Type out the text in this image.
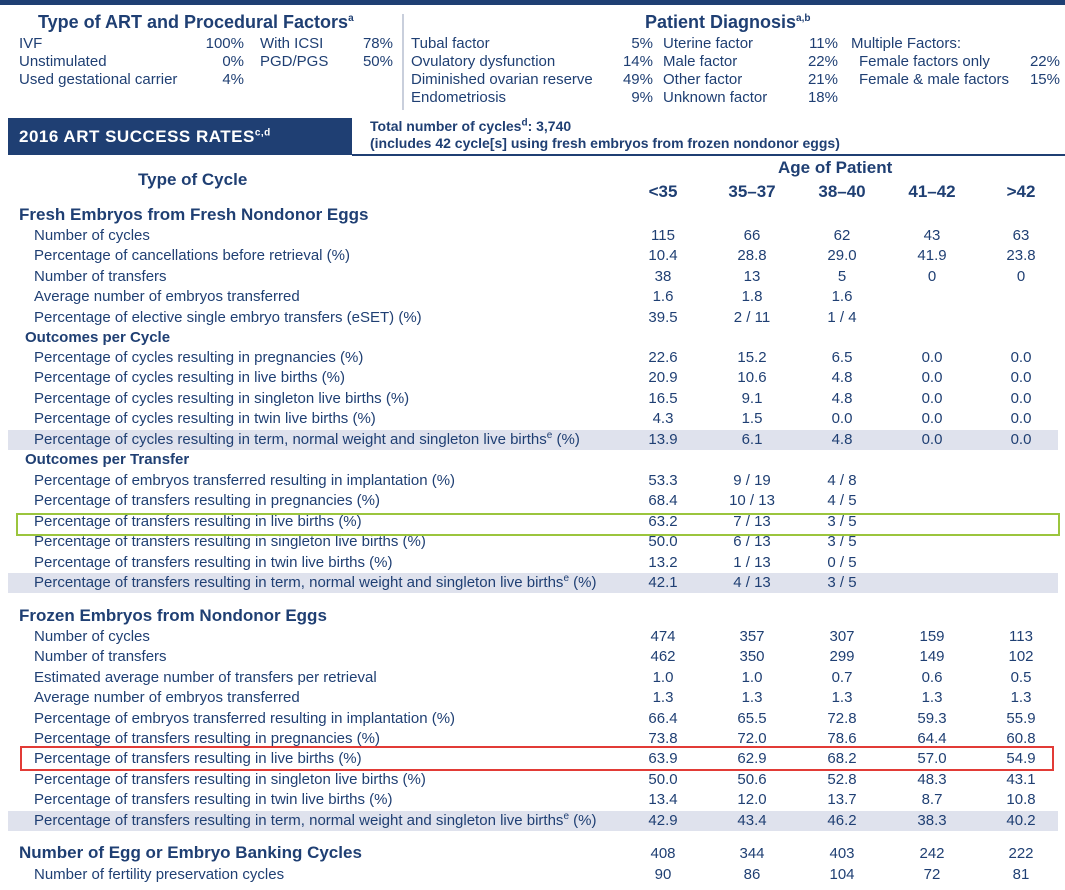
Type of ART and Procedural Factors$^a$
IVF	100% With ICSI	78%
Unstimulated	0% PGD/PGS	50%
Used gestational carrier	4%
Patient Diagnosis$^{a,b}$
Tubal factor	5%
Ovulatory dysfunction	14%
Diminished ovarian reserve	49%
Endometriosis	9%
Uterine factor	11%
Male factor	22%
Other factor	21%
Unknown factor	18%
Multiple Factors:
Female factors only	22%
Female & male factors	15%
2016 ART SUCCESS RATES$^{c,d}$	Total number of cycles$^d$: 3,740
(includes 42 cycle[s] using fresh embryos from frozen nondonor eggs)
Type of Cycle
Age of Patient
<35	35–37	38–40	41–42	>42
Fresh Embryos from Fresh Nondonor Eggs
Number of cycles	115	66	62	43	63
Percentage of cancellations before retrieval (%)	10.4	28.8	29.0	41.9	23.8
Number of transfers	38	13	5	0	0
Average number of embryos transferred	1.6	1.8	1.6
Percentage of elective single embryo transfers (eSET) (%)	39.5	2 / 11	1 / 4
Outcomes per Cycle
Percentage of cycles resulting in pregnancies (%)	22.6	15.2	6.5	0.0	0.0
Percentage of cycles resulting in live births (%)	20.9	10.6	4.8	0.0	0.0
Percentage of cycles resulting in singleton live births (%)	16.5	9.1	4.8	0.0	0.0
Percentage of cycles resulting in twin live births (%)	4.3	1.5	0.0	0.0	0.0
Percentage of cycles resulting in term, normal weight and singleton live births$^e$ (%)	13.9	6.1	4.8	0.0	0.0
Outcomes per Transfer
Percentage of embryos transferred resulting in implantation (%)	53.3	9 / 19	4 / 8
Percentage of transfers resulting in pregnancies (%)	68.4	10 / 13	4 / 5
Percentage of transfers resulting in live births (%)	63.2	7 / 13	3 / 5
Percentage of transfers resulting in singleton live births (%)	50.0	6 / 13	3 / 5
Percentage of transfers resulting in twin live births (%)	13.2	1 / 13	0 / 5
Percentage of transfers resulting in term, normal weight and singleton live births$^e$ (%)	42.1	4 / 13	3 / 5
Frozen Embryos from Nondonor Eggs
Number of cycles	474	357	307	159	113
Number of transfers	462	350	299	149	102
Estimated average number of transfers per retrieval	1.0	1.0	0.7	0.6	0.5
Average number of embryos transferred	1.3	1.3	1.3	1.3	1.3
Percentage of embryos transferred resulting in implantation (%)	66.4	65.5	72.8	59.3	55.9
Percentage of transfers resulting in pregnancies (%)	73.8	72.0	78.6	64.4	60.8
Percentage of transfers resulting in live births (%)	63.9	62.9	68.2	57.0	54.9
Percentage of transfers resulting in singleton live births (%)	50.0	50.6	52.8	48.3	43.1
Percentage of transfers resulting in twin live births (%)	13.4	12.0	13.7	8.7	10.8
Percentage of transfers resulting in term, normal weight and singleton live births$^e$ (%)	42.9	43.4	46.2	38.3	40.2
Number of Egg or Embryo Banking Cycles	408	344	403	242	222
Number of fertility preservation cycles	90	86	104	72	81
